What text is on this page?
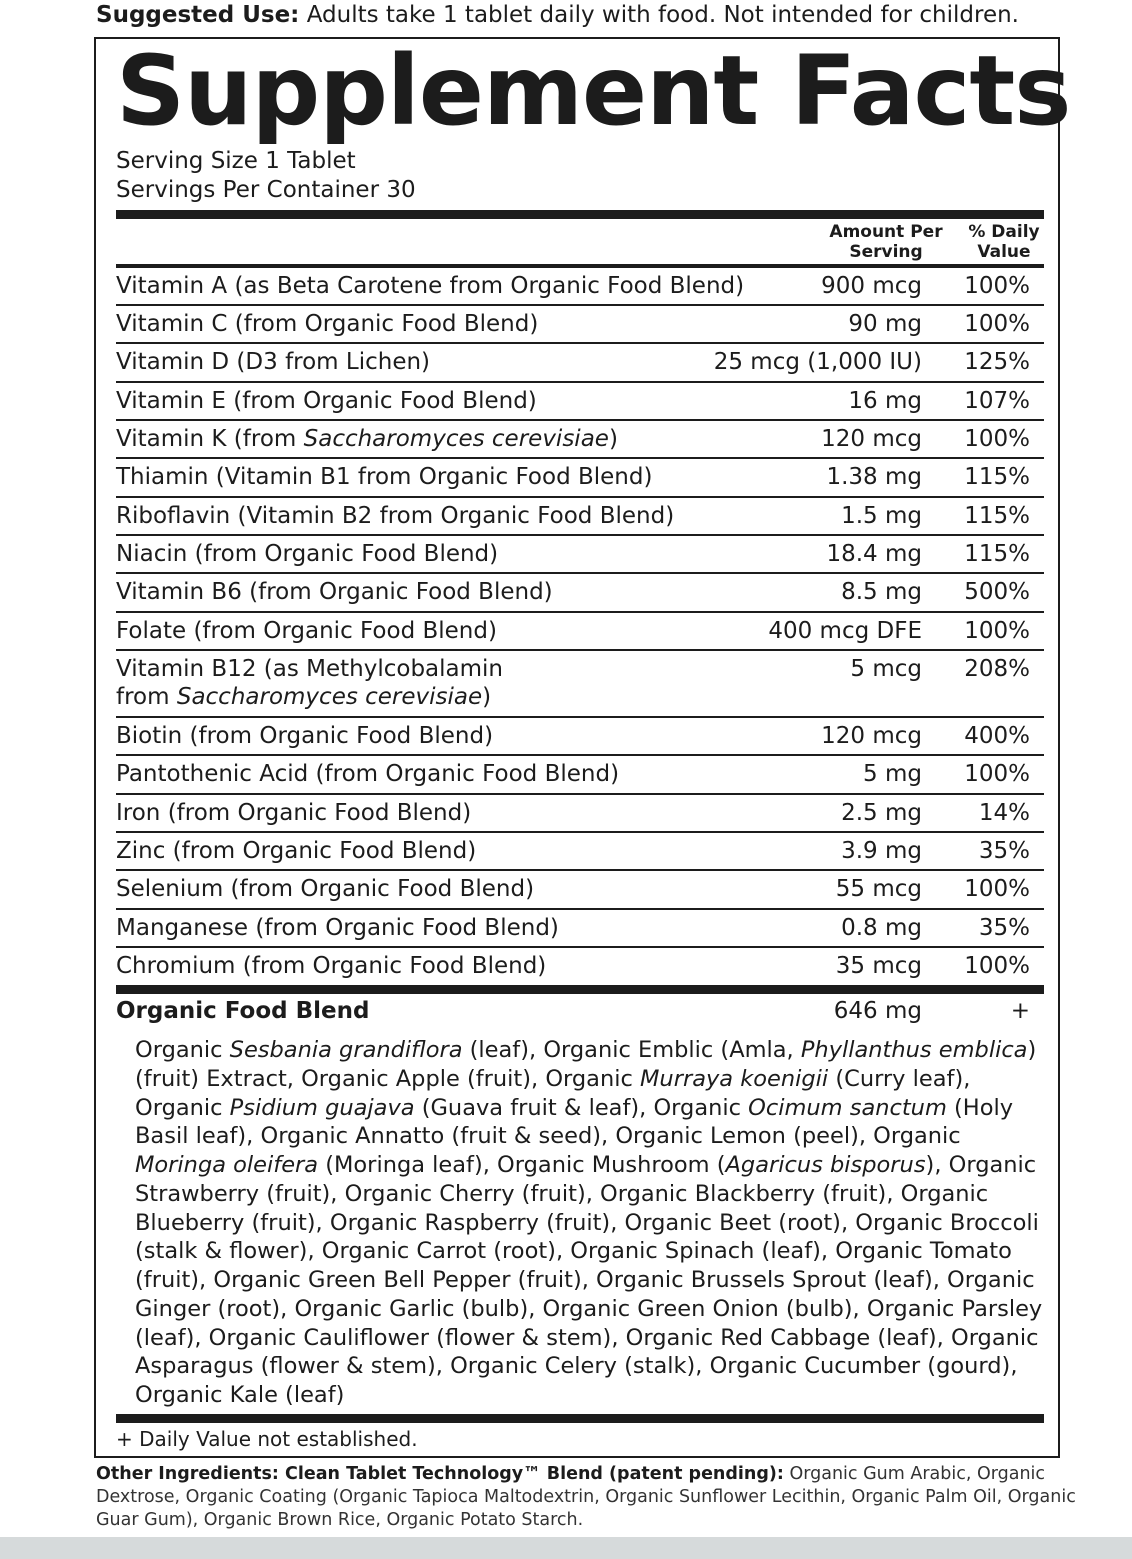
Suggested Use: Adults take 1 tablet daily with food. Not intended for children.
Supplement Facts
Serving Size 1 Tablet
Servings Per Container 30
Amount Per
Serving
% Daily
Value
Vitamin A (as Beta Carotene from Organic Food Blend)	900 mcg 100%
Vitamin C (from Organic Food Blend)	90 mg 100%
Vitamin D (D3 from Lichen)	25 mcg (1,000 IU) 125%
Vitamin E (from Organic Food Blend)	16 mg 107%
Vitamin K (from Saccharomyces cerevisiae)	120 mcg 100%
Thiamin (Vitamin B1 from Organic Food Blend)	1.38 mg 115%
Riboflavin (Vitamin B2 from Organic Food Blend)	1.5 mg 115%
Niacin (from Organic Food Blend)	18.4 mg 115%
Vitamin B6 (from Organic Food Blend)	8.5 mg 500%
Folate (from Organic Food Blend)	400 mcg DFE 100%
Vitamin B12 (as Methylcobalamin
from Saccharomyces cerevisiae)
5 mcg 208%
Biotin (from Organic Food Blend)	120 mcg 400%
Pantothenic Acid (from Organic Food Blend)	5 mg 100%
Iron (from Organic Food Blend)	2.5 mg 14%
Zinc (from Organic Food Blend)	3.9 mg 35%
Selenium (from Organic Food Blend)	55 mcg 100%
Manganese (from Organic Food Blend)	0.8 mg 35%
Chromium (from Organic Food Blend)	35 mcg 100%
Organic Food Blend	646 mg	+
Organic Sesbania grandiflora (leaf), Organic Emblic (Amla, Phyllanthus emblica) (fruit) Extract, Organic Apple (fruit), Organic Murraya koenigii (Curry leaf), Organic Psidium guajava (Guava fruit & leaf), Organic Ocimum sanctum (Holy Basil leaf), Organic Annatto (fruit & seed), Organic Lemon (peel), Organic Moringa oleifera (Moringa leaf), Organic Mushroom (Agaricus bisporus), Organic Strawberry (fruit), Organic Cherry (fruit), Organic Blackberry (fruit), Organic Blueberry (fruit), Organic Raspberry (fruit), Organic Beet (root), Organic Broccoli (stalk & flower), Organic Carrot (root), Organic Spinach (leaf), Organic Tomato (fruit), Organic Green Bell Pepper (fruit), Organic Brussels Sprout (leaf), Organic Ginger (root), Organic Garlic (bulb), Organic Green Onion (bulb), Organic Parsley (leaf), Organic Cauliflower (flower & stem), Organic Red Cabbage (leaf), Organic Asparagus (flower & stem), Organic Celery (stalk), Organic Cucumber (gourd), Organic Kale (leaf)
+ Daily Value not established.
Other Ingredients: Clean Tablet Technology™ Blend (patent pending): Organic Gum Arabic, Organic Dextrose, Organic Coating (Organic Tapioca Maltodextrin, Organic Sunflower Lecithin, Organic Palm Oil, Organic Guar Gum), Organic Brown Rice, Organic Potato Starch.
